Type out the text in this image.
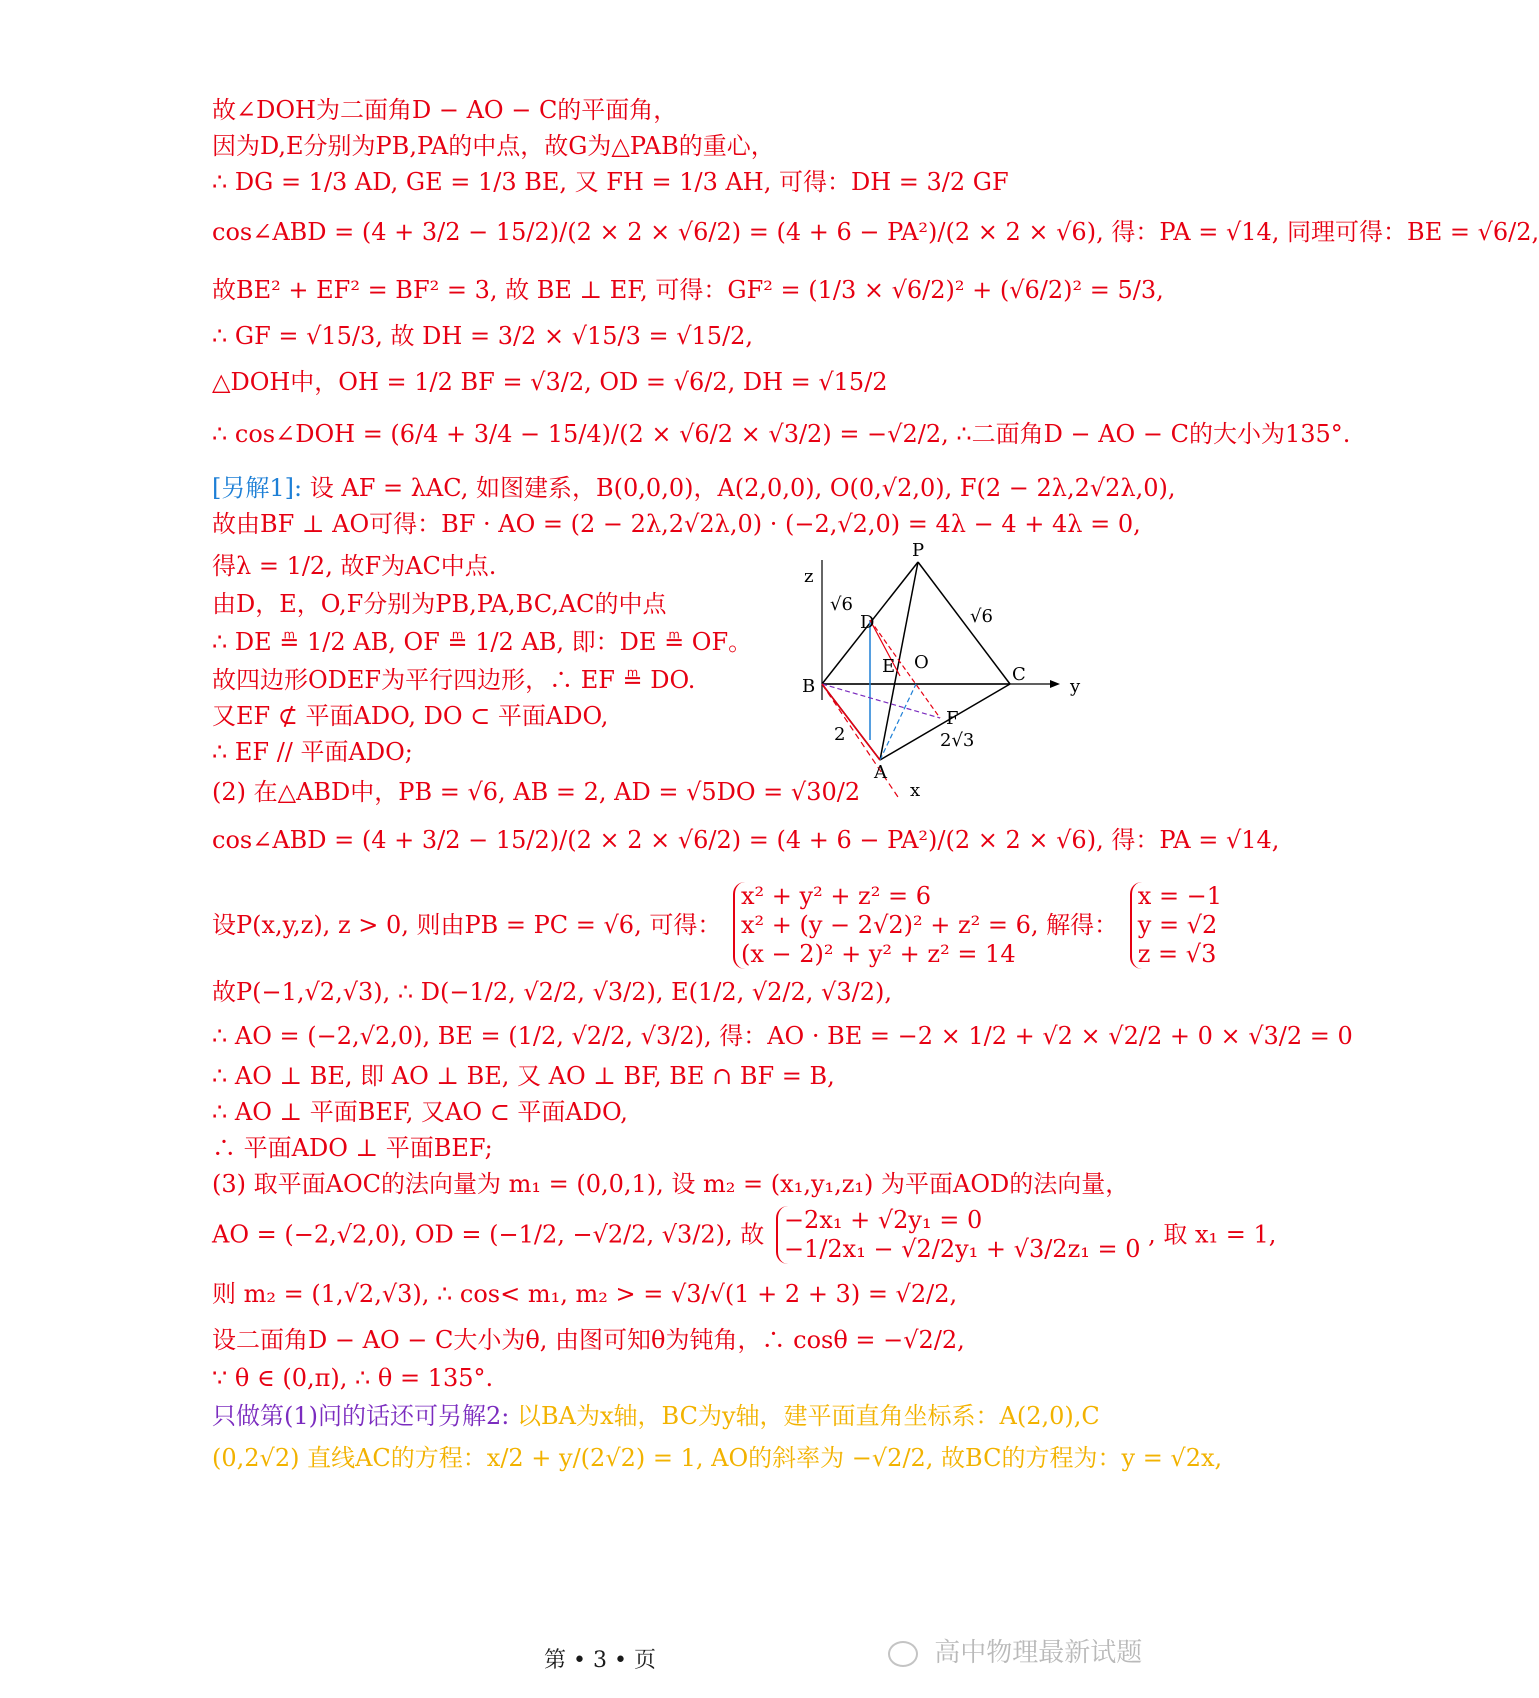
故∠DOH为二面角D − AO − C的平面角，
因为D,E分别为PB,PA的中点，故G为△PAB的重心，
∴ DG = 1/3 AD, GE = 1/3 BE, 又 FH = 1/3 AH, 可得：DH = 3/2 GF
cos∠ABD = (4 + 3/2 − 15/2)/(2 × 2 × √6/2) = (4 + 6 − PA²)/(2 × 2 × √6), 得：PA = √14, 同理可得：BE = √6/2,
故BE² + EF² = BF² = 3, 故 BE ⊥ EF, 可得：GF² = (1/3 × √6/2)² + (√6/2)² = 5/3,
∴ GF = √15/3, 故 DH = 3/2 × √15/3 = √15/2,
△DOH中，OH = 1/2 BF = √3/2, OD = √6/2, DH = √15/2
∴ cos∠DOH = (6/4 + 3/4 − 15/4)/(2 × √6/2 × √3/2) = −√2/2, ∴二面角D − AO − C的大小为135°.
[另解1]: 设 AF = λAC, 如图建系，B(0,0,0)，A(2,0,0), O(0,√2,0), F(2 − 2λ,2√2λ,0),
故由BF ⊥ AO可得：BF · AO = (2 − 2λ,2√2λ,0) · (−2,√2,0) = 4λ − 4 + 4λ = 0,
得λ = 1/2, 故F为AC中点.
由D，E，O,F分别为PB,PA,BC,AC的中点
∴ DE ≞ 1/2 AB, OF ≞ 1/2 AB, 即：DE ≞ OF。
故四边形ODEF为平行四边形，∴ EF ≞ DO.
又EF ⊄ 平面ADO, DO ⊂ 平面ADO,
∴ EF // 平面ADO;
(2) 在△ABD中，PB = √6, AB = 2, AD = √5DO = √30/2
cos∠ABD = (4 + 3/2 − 15/2)/(2 × 2 × √6/2) = (4 + 6 − PA²)/(2 × 2 × √6), 得：PA = √14,
设P(x,y,z), z > 0, 则由PB = PC = √6, 可得：
x² + y² + z² = 6
x² + (y − 2√2)² + z² = 6, 解得：
(x − 2)² + y² + z² = 14

x = −1
y = √2
z = √3
故P(−1,√2,√3), ∴ D(−1/2, √2/2, √3/2), E(1/2, √2/2, √3/2),
∴ AO = (−2,√2,0), BE = (1/2, √2/2, √3/2), 得：AO · BE = −2 × 1/2 + √2 × √2/2 + 0 × √3/2 = 0
∴ AO ⊥ BE, 即 AO ⊥ BE, 又 AO ⊥ BF, BE ∩ BF = B,
∴ AO ⊥ 平面BEF, 又AO ⊂ 平面ADO,
∴ 平面ADO ⊥ 平面BEF;
(3) 取平面AOC的法向量为 m₁ = (0,0,1), 设 m₂ = (x₁,y₁,z₁) 为平面AOD的法向量，
AO = (−2,√2,0), OD = (−1/2, −√2/2, √3/2), 故
−2x₁ + √2y₁ = 0
−1/2x₁ − √2/2y₁ + √3/2z₁ = 0
, 取 x₁ = 1,
则 m₂ = (1,√2,√3), ∴ cos< m₁, m₂ > = √3/√(1 + 2 + 3) = √2/2,
设二面角D − AO − C大小为θ, 由图可知θ为钝角，∴ cosθ = −√2/2,
∵ θ ∈ (0,π), ∴ θ = 135°.
只做第(1)问的话还可另解2: 以BA为x轴，BC为y轴，建平面直角坐标系：A(2,0),C
(0,2√2) 直线AC的方程：x/2 + y/(2√2) = 1, AO的斜率为 −√2/2, 故BC的方程为：y = √2x,
z
P
√6
√6
D
E O
B
C
y
2
F
2√3
A
x
第 • 3 • 页	高中物理最新试题
